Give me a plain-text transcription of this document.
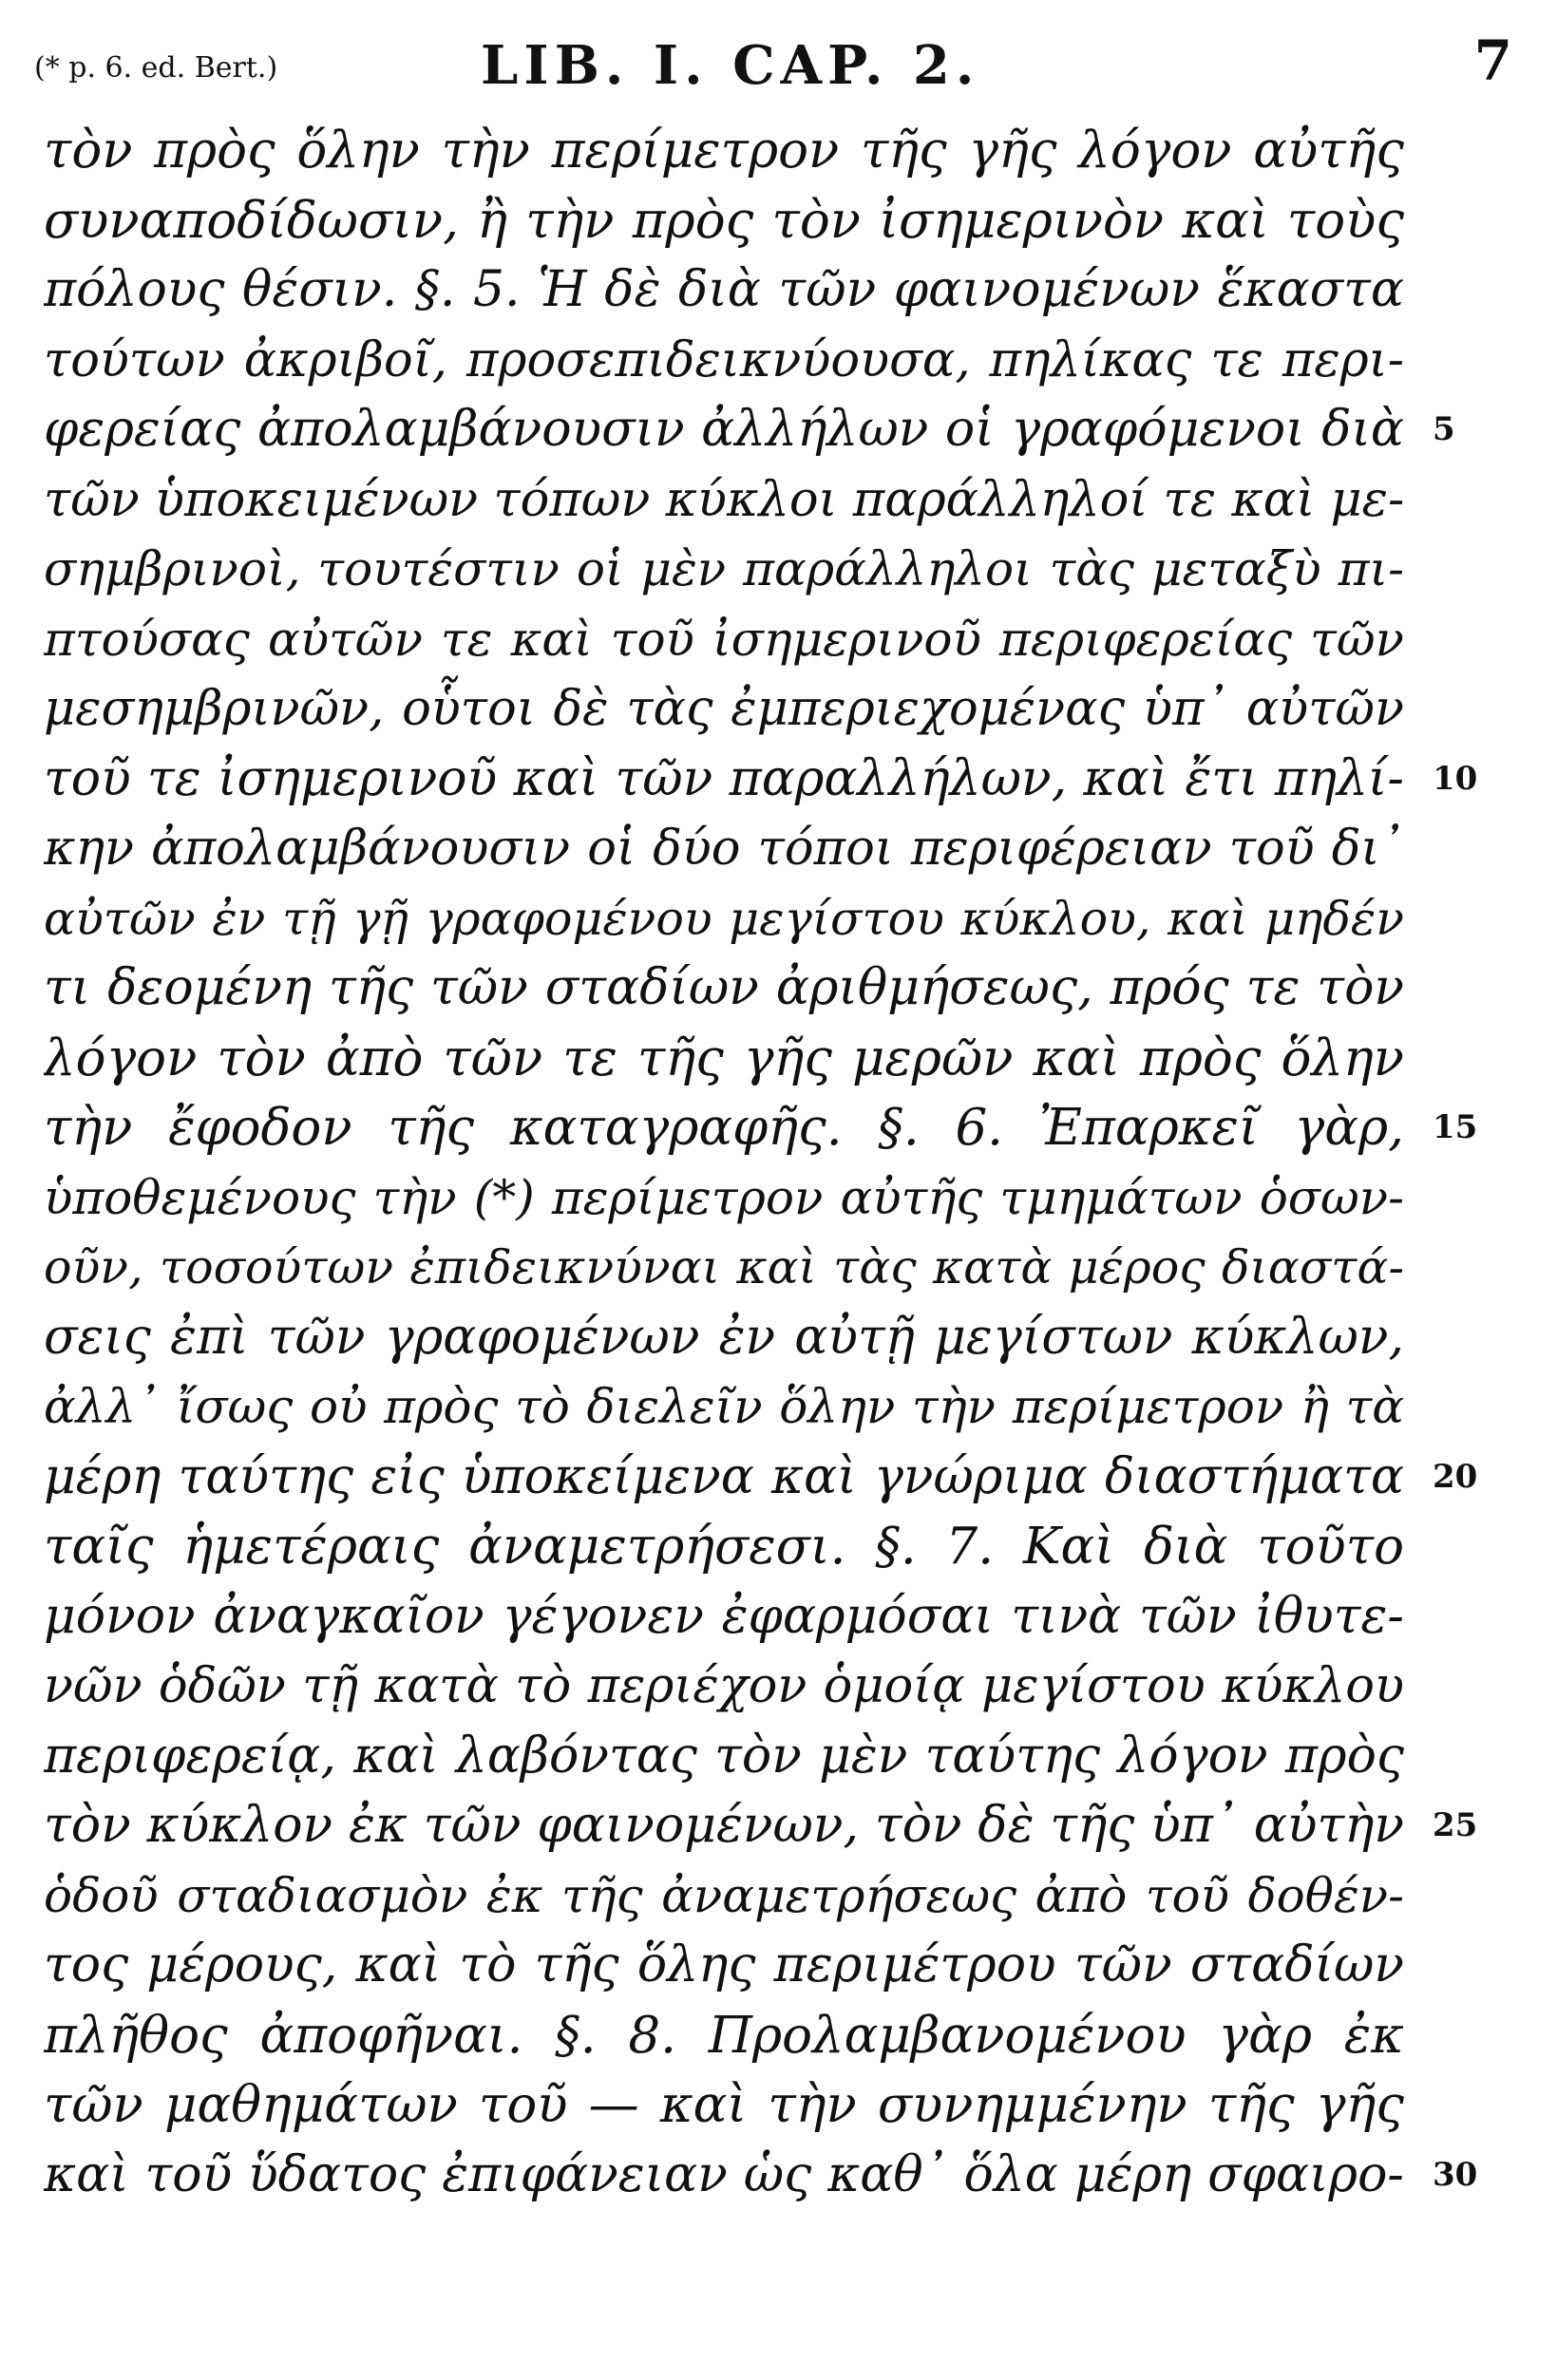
(* p. 6. ed. Bert.)	LIB. I. CAP. 2.	7
τὸν πρὸς ὅλην τὴν περίμετρον τῆς γῆς λόγον αὐτῆς
συναποδίδωσιν, ἢ τὴν πρὸς τὸν ἰσημερινὸν καὶ τοὺς
πόλους θέσιν. §. 5. Ἡ δὲ διὰ τῶν φαινομένων ἕκαστα
τούτων ἀκριβοῖ, προσεπιδεικνύουσα, πηλίκας τε περι-
φερείας ἀπολαμβάνουσιν ἀλλήλων οἱ γραφόμενοι διὰ
τῶν ὑποκειμένων τόπων κύκλοι παράλληλοί τε καὶ με-
σημβρινοὶ, τουτέστιν οἱ μὲν παράλληλοι τὰς μεταξὺ πι-
πτούσας αὐτῶν τε καὶ τοῦ ἰσημερινοῦ περιφερείας τῶν
μεσημβρινῶν, οὗτοι δὲ τὰς ἐμπεριεχομένας ὑπ᾽ αὐτῶν
τοῦ τε ἰσημερινοῦ καὶ τῶν παραλλήλων, καὶ ἔτι πηλί-
κην ἀπολαμβάνουσιν οἱ δύο τόποι περιφέρειαν τοῦ δι᾽
αὐτῶν ἐν τῇ γῇ γραφομένου μεγίστου κύκλου, καὶ μηδέν
τι δεομένη τῆς τῶν σταδίων ἀριθμήσεως, πρός τε τὸν
λόγον τὸν ἀπὸ τῶν τε τῆς γῆς μερῶν καὶ πρὸς ὅλην
τὴν ἔφοδον τῆς καταγραφῆς. §. 6. Ἐπαρκεῖ γὰρ,
ὑποθεμένους τὴν (*) περίμετρον αὐτῆς τμημάτων ὁσων-
οῦν, τοσούτων ἐπιδεικνύναι καὶ τὰς κατὰ μέρος διαστά-
σεις ἐπὶ τῶν γραφομένων ἐν αὐτῇ μεγίστων κύκλων,
ἀλλ᾽ ἴσως οὐ πρὸς τὸ διελεῖν ὅλην τὴν περίμετρον ἢ τὰ
μέρη ταύτης εἰς ὑποκείμενα καὶ γνώριμα διαστήματα
ταῖς ἡμετέραις ἀναμετρήσεσι. §. 7. Καὶ διὰ τοῦτο
μόνον ἀναγκαῖον γέγονεν ἐφαρμόσαι τινὰ τῶν ἰθυτε-
νῶν ὁδῶν τῇ κατὰ τὸ περιέχον ὁμοίᾳ μεγίστου κύκλου
περιφερείᾳ, καὶ λαβόντας τὸν μὲν ταύτης λόγον πρὸς
τὸν κύκλον ἐκ τῶν φαινομένων, τὸν δὲ τῆς ὑπ᾽ αὐτὴν
ὁδοῦ σταδιασμὸν ἐκ τῆς ἀναμετρήσεως ἀπὸ τοῦ δοθέν-
τος μέρους, καὶ τὸ τῆς ὅλης περιμέτρου τῶν σταδίων
πλῆθος ἀποφῆναι. §. 8. Προλαμβανομένου γὰρ ἐκ
τῶν μαθημάτων τοῦ — καὶ τὴν συνημμένην τῆς γῆς
καὶ τοῦ ὕδατος ἐπιφάνειαν ὡς καθ᾽ ὅλα μέρη σφαιρο-
5
10
15
20
25
30
